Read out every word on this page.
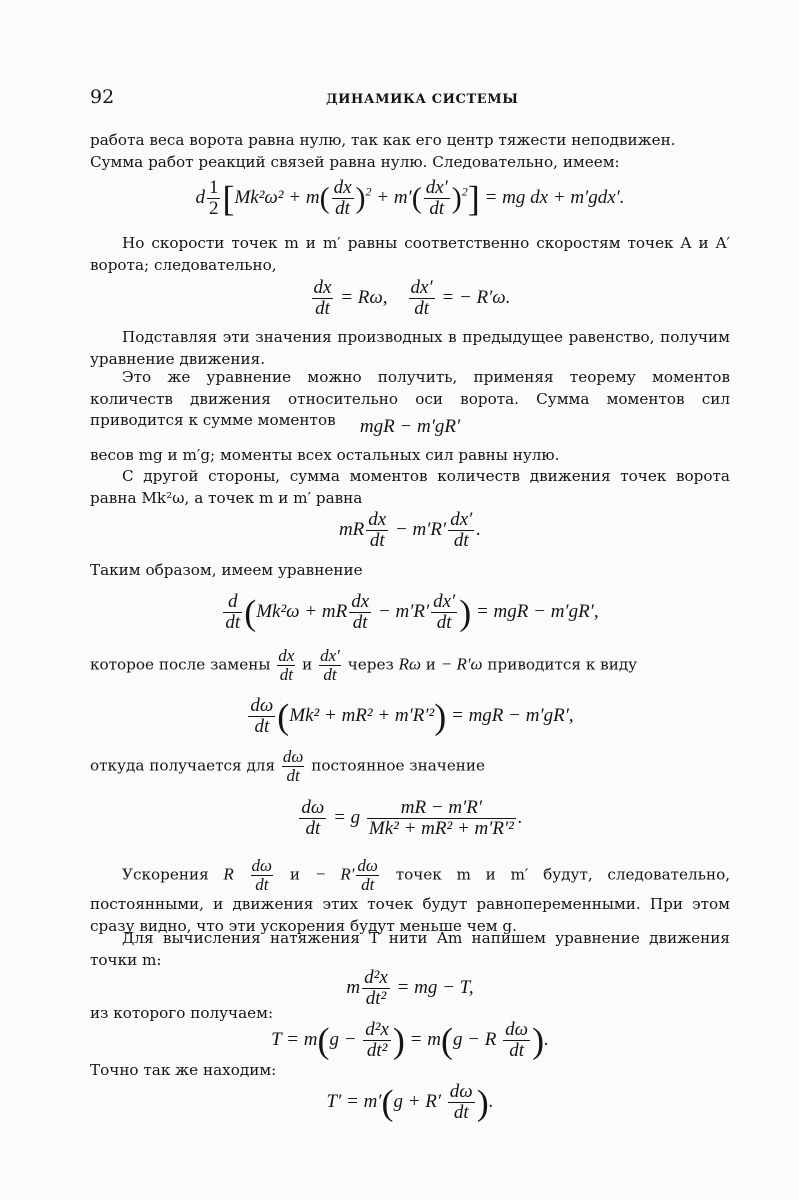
92	ДИНАМИКА СИСТЕМЫ
работа веса ворота равна нулю, так как его центр тяжести неподвижен. Сумма работ реакций связей равна нулю. Следовательно, имеем:
d $\frac{1}{2} [Mk^2\omega^2 + m( \frac{dx}{dt} )^2 + m'( \frac{dx'}{dt} )^2]$ = mg dx + m′gdx′.
Но скорости точек m и m′ равны соответственно скоростям точек A и A′ ворота; следовательно,
$\frac{dx}{dt} = R\omega$, $\frac{dx'}{dt}$ = − R′ω.
Подставляя эти значения производных в предыдущее равенство, получим уравнение движения.
Это же уравнение можно получить, применяя теорему моментов количеств движения относительно оси ворота. Сумма моментов сил приводится к сумме моментов	mgR − m′gR′
весов mg и m′g; моменты всех остальных сил равны нулю.
С другой стороны, сумма моментов количеств движения точек ворота равна Mk²ω, а точек m и m′ равна
mR $\frac{dx}{dt} - m'R' \frac{dx'}{dt}$ .
Таким образом, имеем уравнение
$\frac{d}{dt} (Mk^2\omega$ + mR $\frac{dx}{dt} - m'R' \frac{dx'}{dt}$ ) = mgR − m′gR′,
которое после замены $\frac{dx}{dt}$ и $\frac{dx'}{dt}$ через Rω и − R′ω приводится к виду
$\frac{d\omega}{dt} (Mk^2 + mR^2 + m'R'^2)$ = mgR − m′gR′,
откуда получается для $\frac{d\omega}{dt}$ постоянное значение
$\frac{d\omega}{dt} = g \frac{mR - m'R'}{\text{Mk² + mR² + m′R′²}}$ .
Ускорения R $\frac{d\omega}{dt}$ $и - R' \frac{d\omega}{dt}$ точек m и m′ будут, следовательно, постоянными, и движения этих точек будут равнопеременными. При этом сразу видно, что эти ускорения будут меньше чем g.
Для вычисления натяжения T нити Am напишем уравнение движения точки m:
m $\frac{\text{d²x}}{\text{dt²}}$ = mg − T,
из которого получаем:
$T = m(g - \frac{\text{d²x}}{\text{dt²}}$ ) = m(g − R $\frac{d\omega}{dt}$ ).
Точно так же находим:
$T' = m'(g + R' \frac{d\omega}{dt}$ ).
